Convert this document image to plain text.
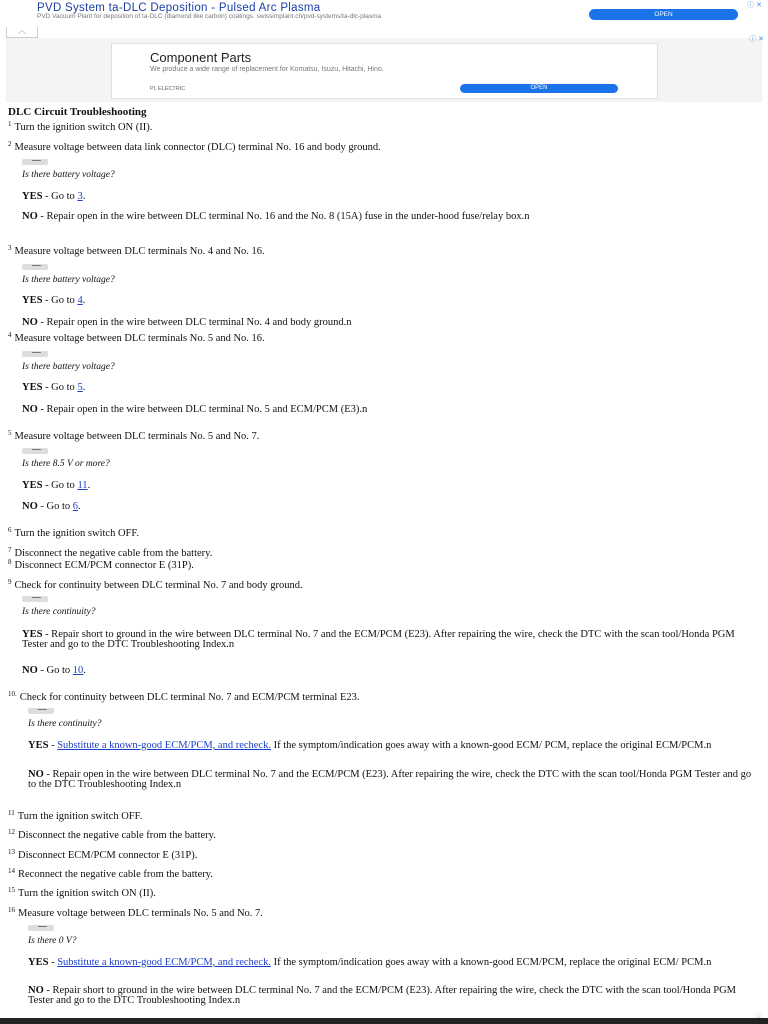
PVD System ta-DLC Deposition - Pulsed Arc Plasma
PVD Vacuum Plant for deposition of ta-DLC (diamond like carbon) coatings. swissimplant.ch/pvd-systems/ta-dlc-plasma	OPEN
ⓘ ✕
︿
Component Parts
We produce a wide range of replacement for Komatsu, Isuzu, Hitachi, Hino.
PL ELECTRIC	OPEN
ⓘ ✕
DLC Circuit Troubleshooting
$^1$ Turn the ignition switch ON (II).
$^2$ Measure voltage between data link connector (DLC) terminal No. 16 and body ground.
Is there battery voltage?
YES - Go to 3.
NO - Repair open in the wire between DLC terminal No. 16 and the No. 8 (15A) fuse in the under-hood fuse/relay box.n
$^3$ Measure voltage between DLC terminals No. 4 and No. 16.
Is there battery voltage?
YES - Go to 4.
NO - Repair open in the wire between DLC terminal No. 4 and body ground.n
$^4$ Measure voltage between DLC terminals No. 5 and No. 16.
Is there battery voltage?
YES - Go to 5.
NO - Repair open in the wire between DLC terminal No. 5 and ECM/PCM (E3).n
$^5$ Measure voltage between DLC terminals No. 5 and No. 7.
Is there 8.5 V or more?
YES - Go to 11.
NO - Go to 6.
$^6$ Turn the ignition switch OFF.
$^7$ Disconnect the negative cable from the battery.
$^8$ Disconnect ECM/PCM connector E (31P).
$^9$ Check for continuity between DLC terminal No. 7 and body ground.
Is there continuity?
YES - Repair short to ground in the wire between DLC terminal No. 7 and the ECM/PCM (E23). After repairing the wire, check the DTC with the scan tool/Honda PGM Tester and go to the DTC Troubleshooting Index.n
NO - Go to 10.
$^{10.}$ Check for continuity between DLC terminal No. 7 and ECM/PCM terminal E23.
Is there continuity?
YES - Substitute a known-good ECM/PCM, and recheck. If the symptom/indication goes away with a known-good ECM/ PCM, replace the original ECM/PCM.n
NO - Repair open in the wire between DLC terminal No. 7 and the ECM/PCM (E23). After repairing the wire, check the DTC with the scan tool/Honda PGM Tester and go to the DTC Troubleshooting Index.n
$^{11}$ Turn the ignition switch OFF.
$^{12}$ Disconnect the negative cable from the battery.
$^{13}$ Disconnect ECM/PCM connector E (31P).
$^{14}$ Reconnect the negative cable from the battery.
$^{15}$ Turn the ignition switch ON (II).
$^{16}$ Measure voltage between DLC terminals No. 5 and No. 7.
Is there 0 V?
YES - Substitute a known-good ECM/PCM, and recheck. If the symptom/indication goes away with a known-good ECM/PCM, replace the original ECM/ PCM.n
NO - Repair short to ground in the wire between DLC terminal No. 7 and the ECM/PCM (E23). After repairing the wire, check the DTC with the scan tool/Honda PGM Tester and go to the DTC Troubleshooting Index.n
